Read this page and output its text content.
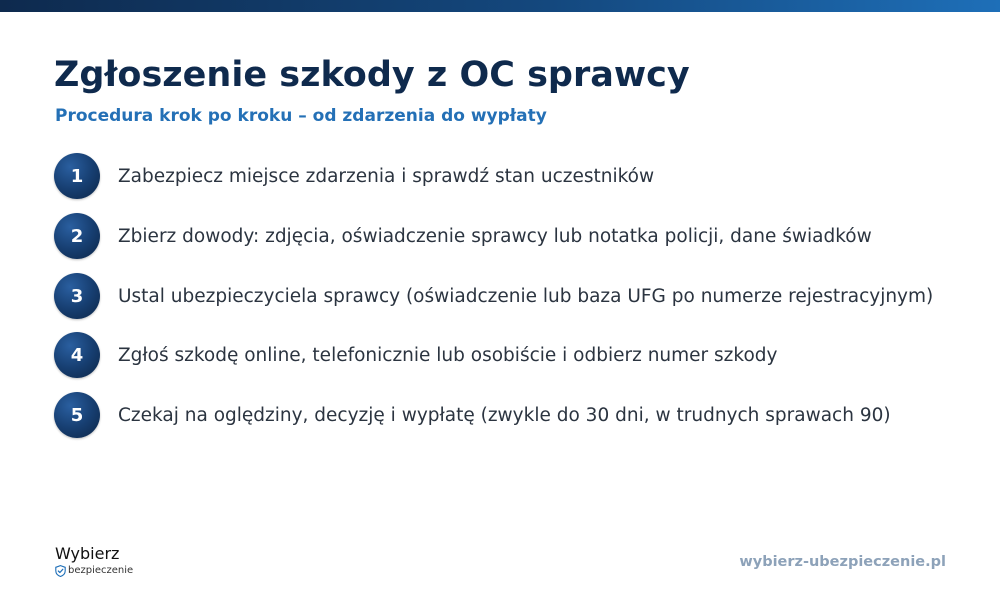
Zgłoszenie szkody z OC sprawcy
Procedura krok po kroku – od zdarzenia do wypłaty
1	Zabezpiecz miejsce zdarzenia i sprawdź stan uczestników
2	Zbierz dowody: zdjęcia, oświadczenie sprawcy lub notatka policji, dane świadków
3	Ustal ubezpieczyciela sprawcy (oświadczenie lub baza UFG po numerze rejestracyjnym)
4	Zgłoś szkodę online, telefonicznie lub osobiście i odbierz numer szkody
5	Czekaj na oględziny, decyzję i wypłatę (zwykle do 30 dni, w trudnych sprawach 90)
Wybierz
bezpieczenie
wybierz-ubezpieczenie.pl
